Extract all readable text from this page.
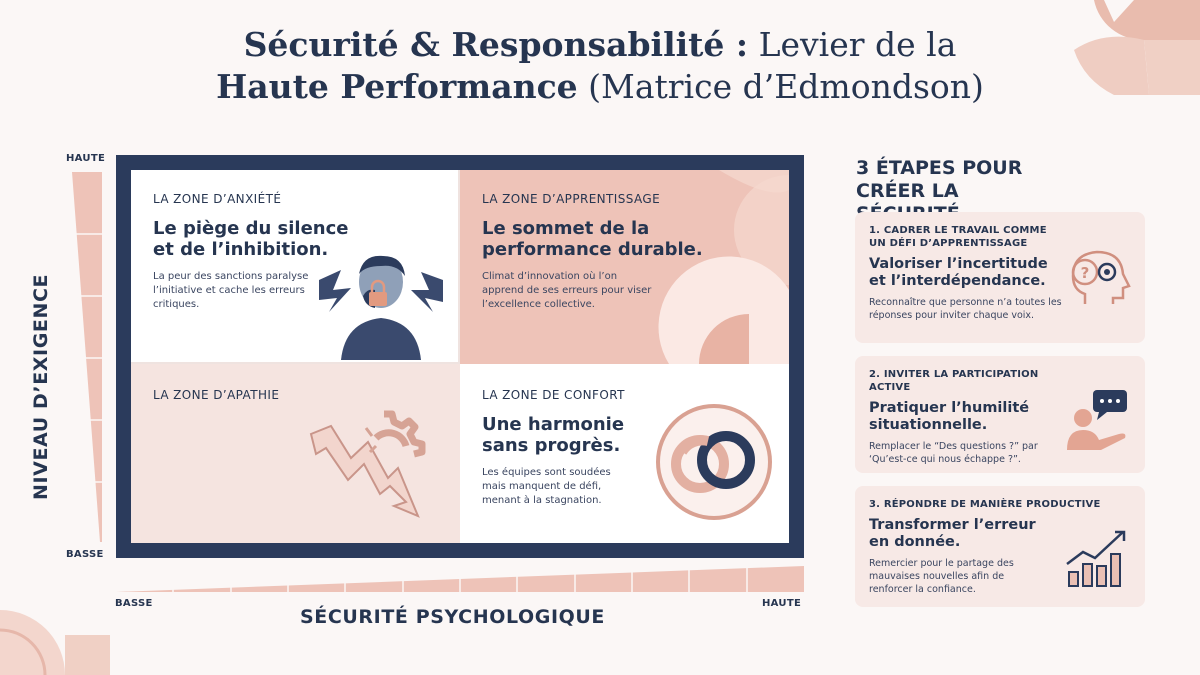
Sécurité & Responsabilité : Levier de la
Haute Performance (Matrice d’Edmondson)
HAUTE
BASSE
NIVEAU D’EXIGENCE
BASSE	HAUTE
SÉCURITÉ PSYCHOLOGIQUE
LA ZONE D’ANXIÉTÉ
Le piège du silence et de l’inhibition.
La peur des sanctions paralyse l’initiative et cache les erreurs critiques.
LA ZONE D’APPRENTISSAGE
Le sommet de la performance durable.
Climat d’innovation où l’on apprend de ses erreurs pour viser l’excellence collective.
LA ZONE D’APATHIE	LA ZONE DE CONFORT
Une harmonie sans progrès.
Les équipes sont soudées mais manquent de défi, menant à la stagnation.
3 ÉTAPES POUR CRÉER LA
1. CADRER LE TRAVAIL COMME UN DÉFI D’APPRENTISSAGE
Valoriser l’incertitude et l’interdépendance.
Reconnaître que personne n’a toutes les réponses pour inviter chaque voix.
?
2. INVITER LA PARTICIPATION ACTIVE
Pratiquer l’humilité situationnelle.
Remplacer le “Des questions ?” par ‘Qu’est-ce qui nous échappe ?”.
3. RÉPONDRE DE MANIÈRE PRODUCTIVE
Transformer l’erreur en donnée.
Remercier pour le partage des mauvaises nouvelles afin de renforcer la confiance.
